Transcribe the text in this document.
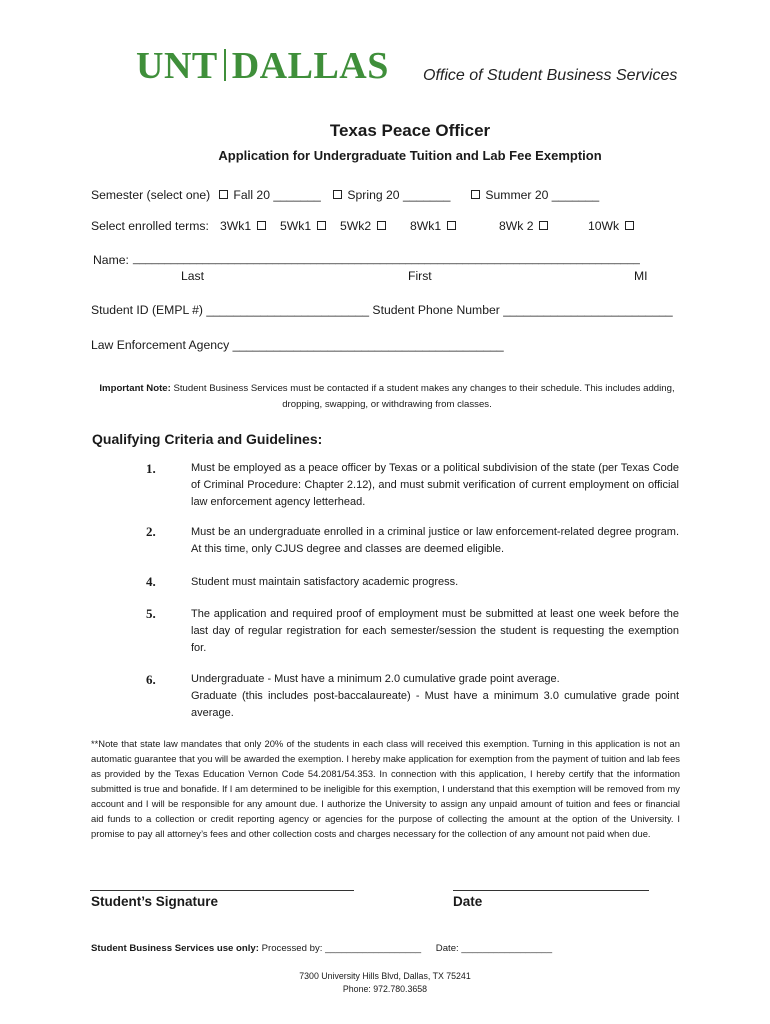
UNT DALLAS Office of Student Business Services
Texas Peace Officer
Application for Undergraduate Tuition and Lab Fee Exemption
Semester (select one)	Fall 20 _______	Spring 20 _______	Summer 20 _______
Select enrolled terms: 3Wk1	5Wk1	5Wk2	8Wk1	8Wk 2	10Wk
Name: ________________________________________________________________________________
Last	First	MI
Student ID (EMPL #) ________________________ Student Phone Number _________________________
Law Enforcement Agency ________________________________________
Important Note: Student Business Services must be contacted if a student makes any changes to their schedule. This includes adding, dropping, swapping, or withdrawing from classes.
Qualifying Criteria and Guidelines:
1.	Must be employed as a peace officer by Texas or a political subdivision of the state (per Texas Code of Criminal Procedure: Chapter 2.12), and must submit verification of current employment on official law enforcement agency letterhead.
2.	Must be an undergraduate enrolled in a criminal justice or law enforcement-related degree program. At this time, only CJUS degree and classes are deemed eligible.
4.	Student must maintain satisfactory academic progress.
5.	The application and required proof of employment must be submitted at least one week before the last day of regular registration for each semester/session the student is requesting the exemption for.
6.	Undergraduate - Must have a minimum 2.0 cumulative grade point average.
Graduate (this includes post-baccalaureate) - Must have a minimum 3.0 cumulative grade point average.
**Note that state law mandates that only 20% of the students in each class will received this exemption. Turning in this application is not an automatic guarantee that you will be awarded the exemption. I hereby make application for exemption from the payment of tuition and lab fees as provided by the Texas Education Vernon Code 54.2081/54.353. In connection with this application, I hereby certify that the information submitted is true and bonafide. If I am determined to be ineligible for this exemption, I understand that this exemption will be removed from my account and I will be responsible for any amount due. I authorize the University to assign any unpaid amount of tuition and fees or financial aid funds to a collection or credit reporting agency or agencies for the purpose of collecting the amount at the option of the University. I promise to pay all attorney’s fees and other collection costs and charges necessary for the collection of any amount not paid when due.
Student’s Signature	Date
Student Business Services use only: Processed by: __________________ Date: _________________
7300 University Hills Blvd, Dallas, TX 75241
Phone: 972.780.3658
